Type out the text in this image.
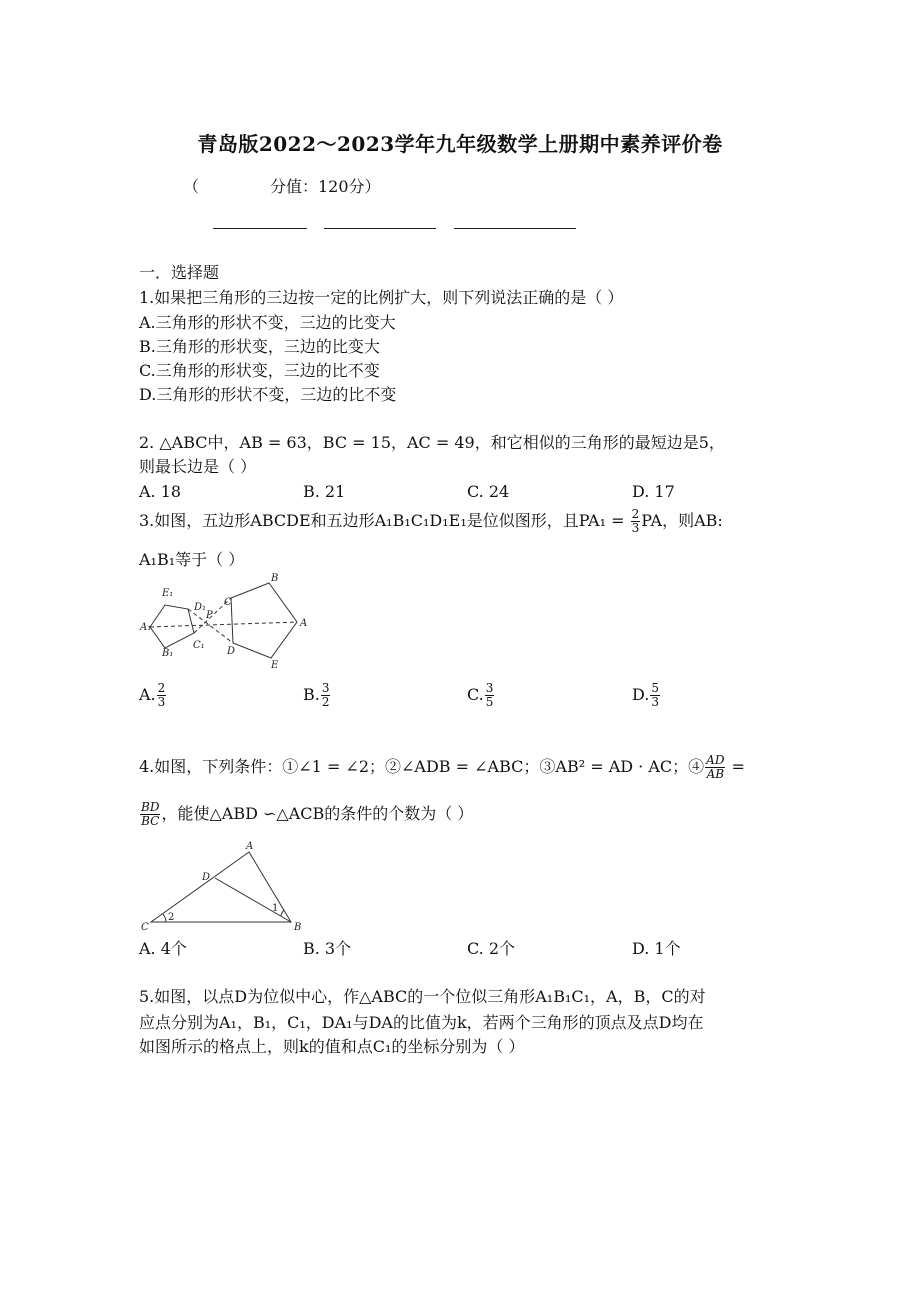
青岛版2022～2023学年九年级数学上册期中素养评价卷
（	分值：120分）
一．选择题
1.如果把三角形的三边按一定的比例扩大，则下列说法正确的是（ ）
A.三角形的形状不变，三边的比变大
B.三角形的形状变，三边的比变大
C.三角形的形状变，三边的比不变
D.三角形的形状不变，三边的比不变
2. △ABC中，AB = 63，BC = 15，AC = 49，和它相似的三角形的最短边是5，
则最长边是（ ）
A. 18	B. 21	C. 24	D. 17
3.如图，五边形ABCDE和五边形A₁B₁C₁D₁E₁是位似图形，且$PA_1 = \frac{2}{3}$ PA，则AB:
A₁B₁等于（ ）
E₁
D₁
P
A₁
C₁
B₁
B
C
A
D
E
A. $\frac{2}{3}$	B. $\frac{3}{2}$	C. $\frac{3}{5}$	D. $\frac{5}{3}$
4.如图，下列条件：①∠1 = ∠2；②∠ADB = ∠ABC；③AB² = AD · AC；④ $\frac{AD}{AB}$ =
$\frac{BD}{BC}$ ，能使△ABD ∽△ACB的条件的个数为（ ）
A
D
C	B
1
2
A. 4个	B. 3个	C. 2个	D. 1个
5.如图，以点D为位似中心，作△ABC的一个位似三角形A₁B₁C₁，A，B，C的对
应点分别为A₁，B₁，C₁，DA₁与DA的比值为k，若两个三角形的顶点及点D均在
如图所示的格点上，则k的值和点C₁的坐标分别为（ ）
